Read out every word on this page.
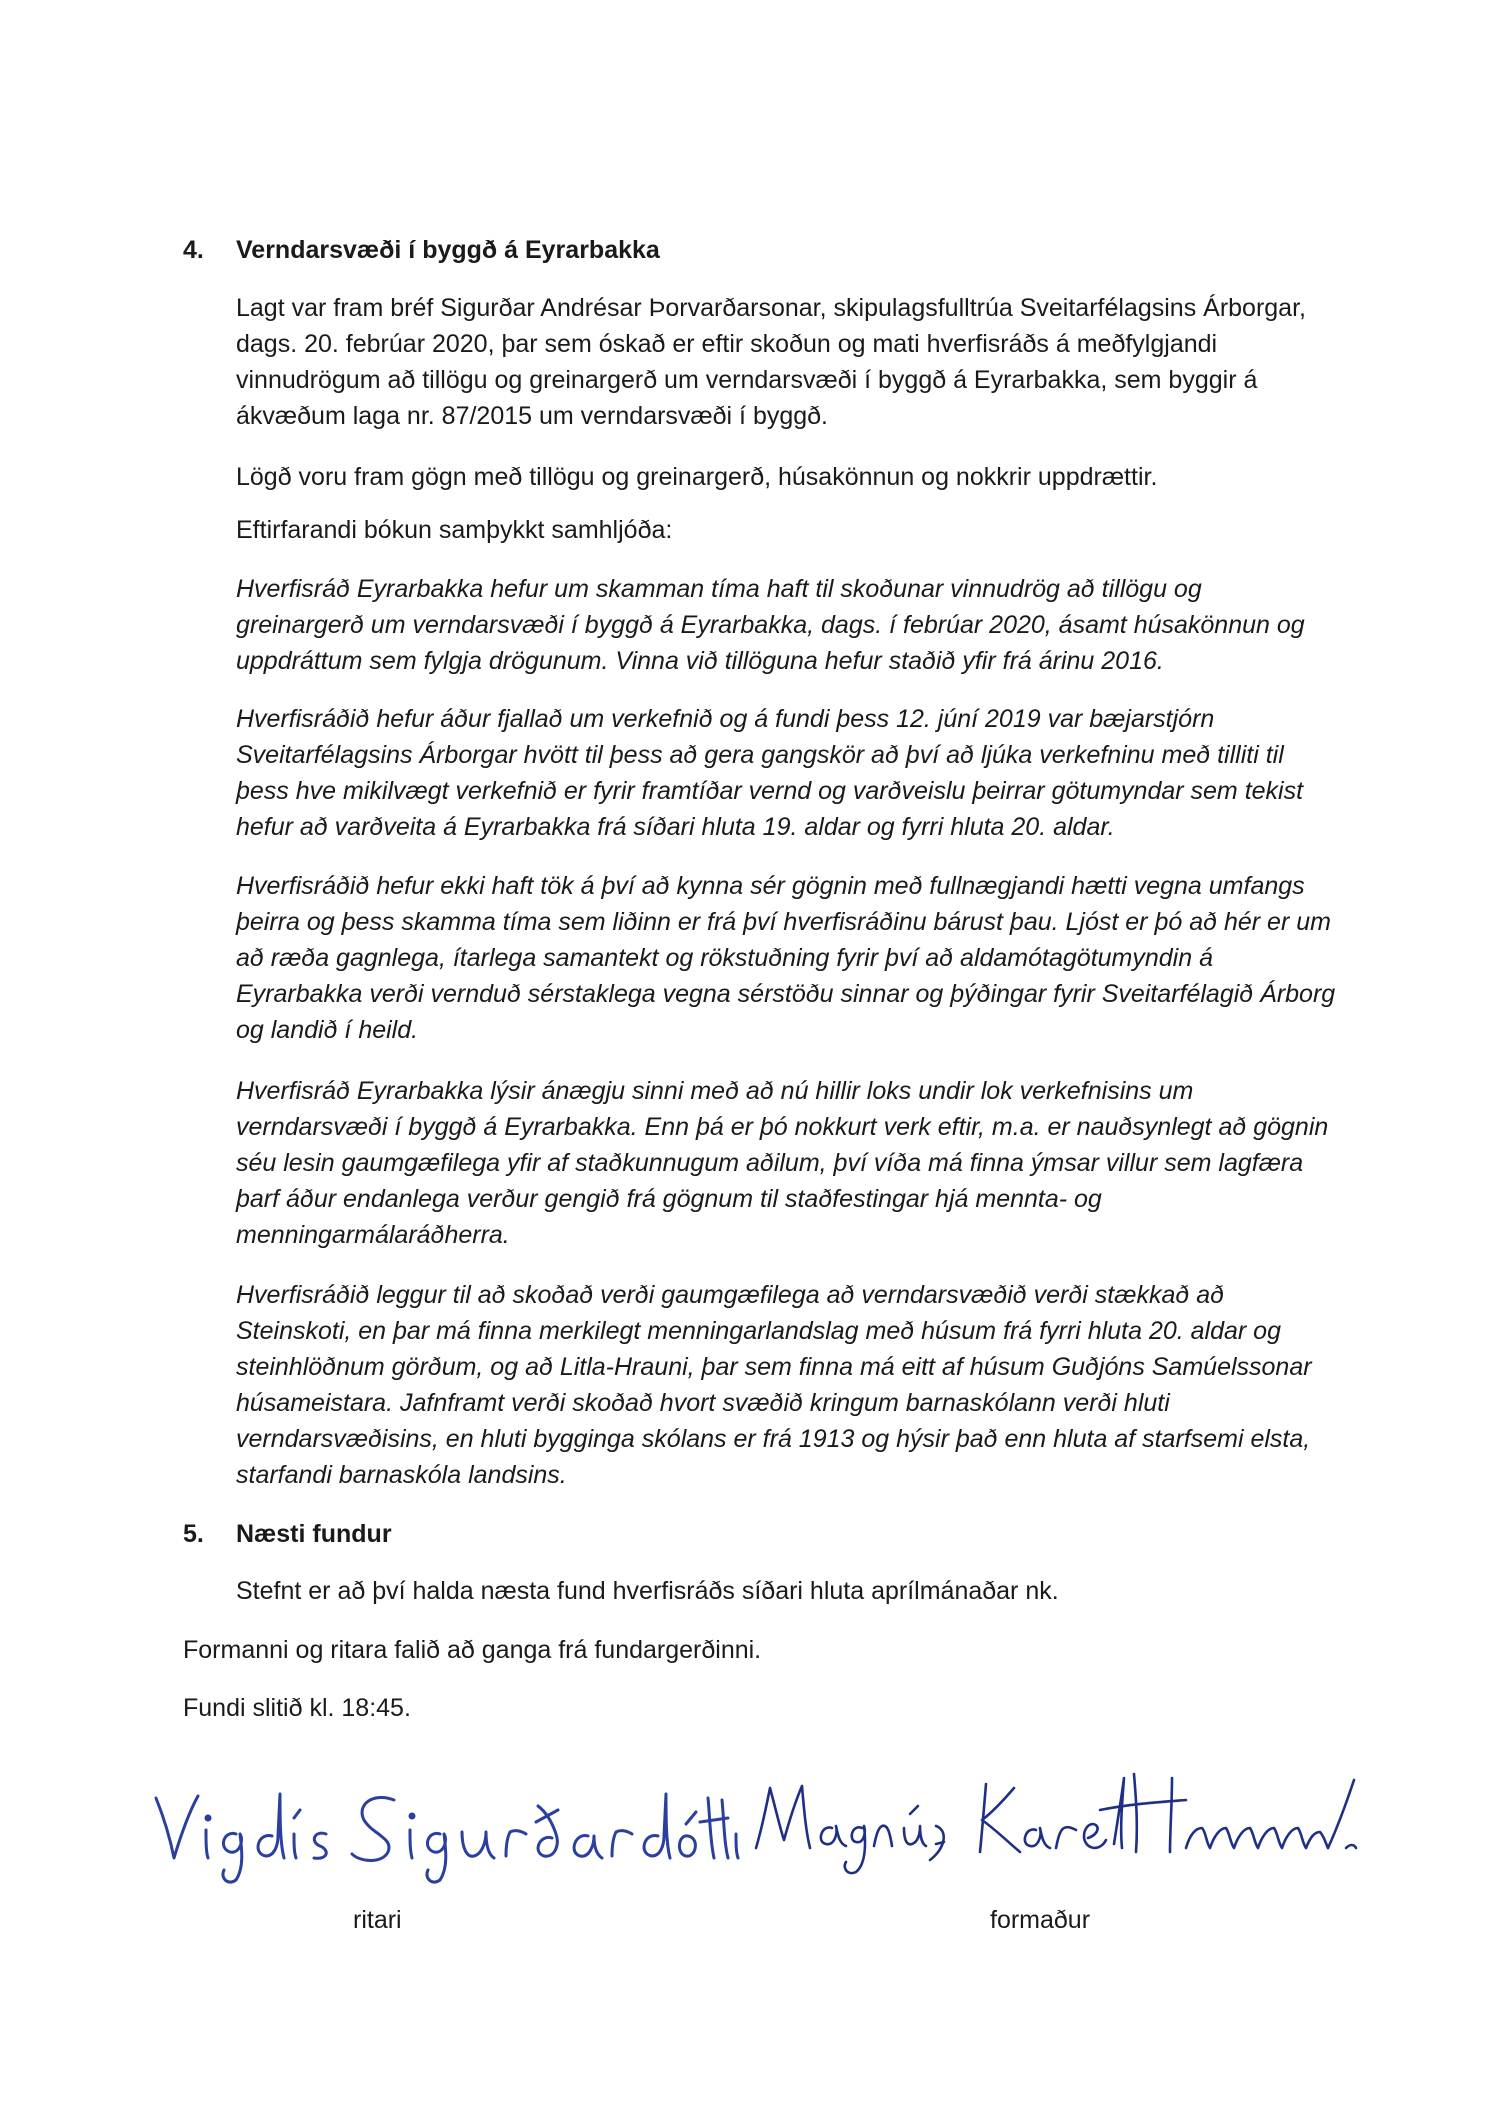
4. Verndarsvæði í byggð á Eyrarbakka
Lagt var fram bréf Sigurðar Andrésar Þorvarðarsonar, skipulagsfulltrúa Sveitarfélagsins Árborgar, dags. 20. febrúar 2020, þar sem óskað er eftir skoðun og mati hverfisráðs á meðfylgjandi vinnudrögum að tillögu og greinargerð um verndarsvæði í byggð á Eyrarbakka, sem byggir á ákvæðum laga nr. 87/2015 um verndarsvæði í byggð.
Lögð voru fram gögn með tillögu og greinargerð, húsakönnun og nokkrir uppdrættir.
Eftirfarandi bókun samþykkt samhljóða:
Hverfisráð Eyrarbakka hefur um skamman tíma haft til skoðunar vinnudrög að tillögu og greinargerð um verndarsvæði í byggð á Eyrarbakka, dags. í febrúar 2020, ásamt húsakönnun og uppdráttum sem fylgja drögunum. Vinna við tillöguna hefur staðið yfir frá árinu 2016.
Hverfisráðið hefur áður fjallað um verkefnið og á fundi þess 12. júní 2019 var bæjarstjórn Sveitarfélagsins Árborgar hvött til þess að gera gangskör að því að ljúka verkefninu með tilliti til þess hve mikilvægt verkefnið er fyrir framtíðar vernd og varðveislu þeirrar götumyndar sem tekist hefur að varðveita á Eyrarbakka frá síðari hluta 19. aldar og fyrri hluta 20. aldar.
Hverfisráðið hefur ekki haft tök á því að kynna sér gögnin með fullnægjandi hætti vegna umfangs þeirra og þess skamma tíma sem liðinn er frá því hverfisráðinu bárust þau. Ljóst er þó að hér er um að ræða gagnlega, ítarlega samantekt og rökstuðning fyrir því að aldamótagötumyndin á Eyrarbakka verði vernduð sérstaklega vegna sérstöðu sinnar og þýðingar fyrir Sveitarfélagið Árborg og landið í heild.
Hverfisráð Eyrarbakka lýsir ánægju sinni með að nú hillir loks undir lok verkefnisins um verndarsvæði í byggð á Eyrarbakka. Enn þá er þó nokkurt verk eftir, m.a. er nauðsynlegt að gögnin séu lesin gaumgæfilega yfir af staðkunnugum aðilum, því víða má finna ýmsar villur sem lagfæra þarf áður endanlega verður gengið frá gögnum til staðfestingar hjá mennta- og menningarmálaráðherra.
Hverfisráðið leggur til að skoðað verði gaumgæfilega að verndarsvæðið verði stækkað að Steinskoti, en þar má finna merkilegt menningarlandslag með húsum frá fyrri hluta 20. aldar og steinhlöðnum görðum, og að Litla-Hrauni, þar sem finna má eitt af húsum Guðjóns Samúelssonar húsameistara. Jafnframt verði skoðað hvort svæðið kringum barnaskólann verði hluti verndarsvæðisins, en hluti bygginga skólans er frá 1913 og hýsir það enn hluta af starfsemi elsta, starfandi barnaskóla landsins.
5. Næsti fundur
Stefnt er að því halda næsta fund hverfisráðs síðari hluta aprílmánaðar nk.
Formanni og ritara falið að ganga frá fundargerðinni.
Fundi slitið kl. 18:45.
ritari	formaður
